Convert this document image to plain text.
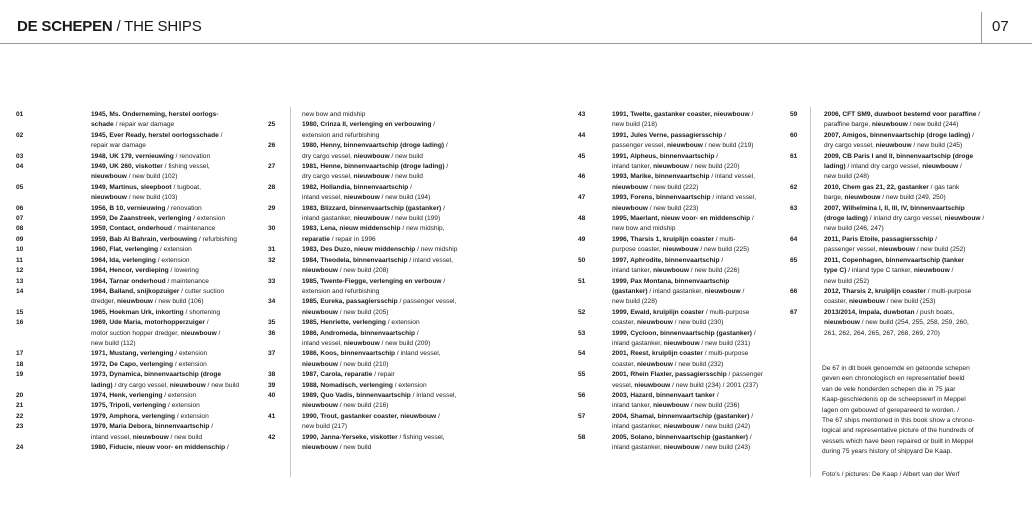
DE SCHEPEN / THE SHIPS	07
01	1945, Ms. Onderneming, herstel oorlogs-
schade / repair war damage
02	1945, Ever Ready, herstel oorlogsschade /
repair war damage
03	1948, UK 179, vernieuwing / renovation
04	1949, UK 260, viskotter / fishing vessel,
nieuwbouw / new build (102)
05	1949, Martinus, sleepboot / tugboat,
nieuwbouw / new build (103)
06	1956, B 10, vernieuwing / renovation
07	1959, De Zaanstreek, verlenging / extension
08	1959, Contact, onderhoud / maintenance
09	1959, Bab Al Bahrain, verbouwing / refurbishing
10	1960, Flat, verlenging / extension
11	1964, Ida, verlenging / extension
12	1964, Hencor, verdieping / lowering
13	1964, Tarnar onderhoud / maintenance
14	1964, Balland, snijkopzuiger / cutter suction
dredger, nieuwbouw / new build (106)
15	1965, Hoekman Urk, inkorting / shortening
16	1969, Ude Maria, motorhopperzuiger /
motor suction hopper dredger, nieuwbouw /
new build (112)
17	1971, Mustang, verlenging / extension
18	1972, De Capo, verlenging / extension
19	1973, Dynamica, binnenvaartschip (droge
lading) / dry cargo vessel, nieuwbouw / new build
20	1974, Henk, verlenging / extension
21	1975, Tripoli, verlenging / extension
22	1979, Amphora, verlenging / extension
23	1979, Maria Debora, binnenvaartschip /
inland vessel, nieuwbouw / new build
24	1980, Fiducie, nieuw voor- en middenschip /
new bow and midship
25	1980, Crinza II, verlenging en verbouwing /
extension and refurbishing
26	1980, Henny, binnenvaartschip (droge lading) /
dry cargo vessel, nieuwbouw / new build
27	1981, Henne, binnenvaartschip (droge lading) /
dry cargo vessel, nieuwbouw / new build
28	1982, Hollandia, binnenvaartschip /
inland vessel, nieuwbouw / new build (194)
29	1983, Blizzard, binnenvaartschip (gastanker) /
inland gastanker, nieuwbouw / new build (199)
30	1983, Lena, nieuw middenschip / new midship,
reparatie / repair in 1996
31	1983, Des Duzo, nieuw middenschip / new midship
32	1984, Theodela, binnenvaartschip / inland vessel,
nieuwbouw / new build (208)
33	1985, Twente-Fiegge, verlenging en verbouw /
extension and refurbishing
34	1985, Eureka, passagiersschip / passenger vessel,
nieuwbouw / new build (205)
35	1985, Henriette, verlenging / extension
36	1986, Andromeda, binnenvaartschip /
inland vessel, nieuwbouw / new build (209)
37	1986, Koos, binnenvaartschip / inland vessel,
nieuwbouw / new build (210)
38	1987, Carola, reparatie / repair
39	1988, Nomadisch, verlenging / extension
40	1989, Quo Vadis, binnenvaartschip / inland vessel,
nieuwbouw / new build (216)
41	1990, Trout, gastanker coaster, nieuwbouw /
new build (217)
42	1990, Janna-Yerseke, viskotter / fishing vessel,
nieuwbouw / new build
43	1991, Twelte, gastanker coaster, nieuwbouw /
new build (218)
44	1991, Jules Verne, passagiersschip /
passenger vessel, nieuwbouw / new build (219)
45	1991, Alpheus, binnenvaartschip /
inland tanker, nieuwbouw / new build (220)
46	1993, Marike, binnenvaartschip / inland vessel,
nieuwbouw / new build (222)
47	1993, Forens, binnenvaartschip / inland vessel,
nieuwbouw / new build (223)
48	1995, Maerlant, nieuw voor- en middenschip /
new bow and midship
49	1996, Tharsis 1, kruiplijn coaster / multi-
purpose coaster, nieuwbouw / new build (225)
50	1997, Aphrodite, binnenvaartschip /
inland tanker, nieuwbouw / new build (226)
51	1999, Pax Montana, binnenvaartschip
(gastanker) / inland gastanker, nieuwbouw /
new build (228)
52	1999, Ewald, kruiplijn coaster / multi-purpose
coaster, nieuwbouw / new build (230)
53	1999, Cycloon, binnenvaartschip (gastanker) /
inland gastanker, nieuwbouw / new build (231)
54	2001, Reest, kruiplijn coaster / multi-purpose
coaster, nieuwbouw / new build (232)
55	2001, Rhein Flaxler, passagiersschip / passenger
vessel, nieuwbouw / new build (234) / 2001 (237)
56	2003, Hazard, binnenvaart tanker /
inland tanker, nieuwbouw / new build (236)
57	2004, Shamal, binnenvaartschip (gastanker) /
inland gastanker, nieuwbouw / new build (242)
58	2005, Solano, binnenvaartschip (gastanker) /
inland gastanker, nieuwbouw / new build (243)
59	2006, CFT SM9, duwboot bestemd voor paraffine /
paraffine barge, nieuwbouw / new build (244)
60	2007, Amigos, binnenvaartschip (droge lading) /
dry cargo vessel, nieuwbouw / new build (245)
61	2009, CB Paris I and II, binnenvaartschip (droge
lading) / inland dry cargo vessel, nieuwbouw /
new build (248)
62	2010, Chem gas 21, 22, gastanker / gas tank
barge, nieuwbouw / new build (249, 250)
63	2007, Wilhelmina I, II, III, IV, binnenvaartschip
(droge lading) / inland dry cargo vessel, nieuwbouw /
new build (246, 247)
64	2011, Paris Etoile, passagiersschip /
passenger vessel, nieuwbouw / new build (252)
65	2011, Copenhagen, binnenvaartschip (tanker
type C) / inland type C tanker, nieuwbouw /
new build (252)
66	2012, Tharsis 2, kruiplijn coaster / multi-purpose
coaster, nieuwbouw / new build (253)
67	2013/2014, Impala, duwbotan / push boats,
nieuwbouw / new build (254, 255, 258, 259, 260,
261, 262, 264, 265, 267, 268, 269, 270)
De 67 in dit boek genoemde en getoonde schepen
geven een chronologisch en representatief beeld
van de vele honderden schepen die in 75 jaar
Kaap-geschiedenis op de scheepswerf in Meppel
lagen om gebouwd of gerepareerd te worden. /
The 67 ships mentioned in this book show a chrono-
logical and representative picture of the hundreds of
vessels which have been repaired or built in Meppel
during 75 years history of shipyard De Kaap.
Foto's / pictures: De Kaap / Albert van der Werf
